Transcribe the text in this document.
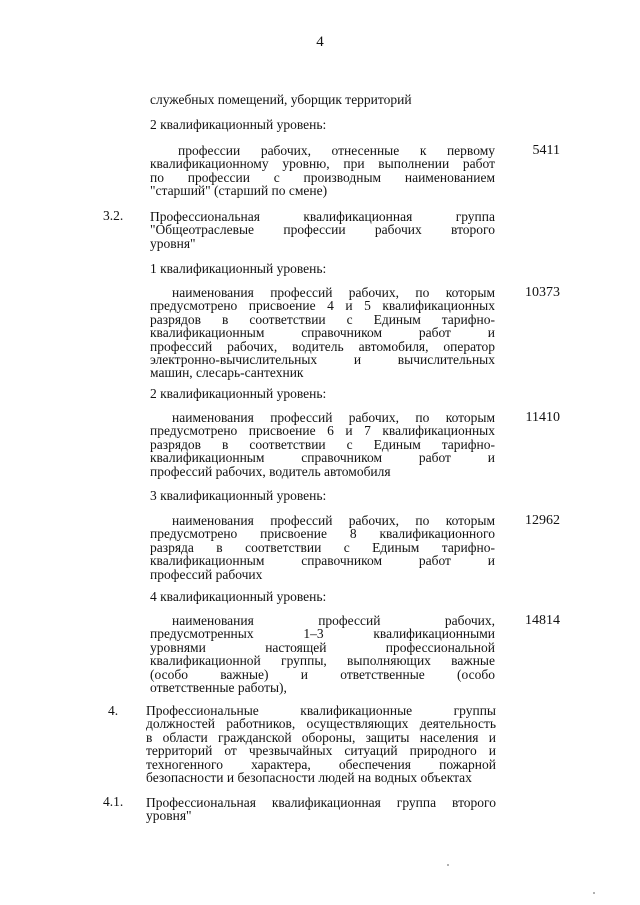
4
служебных помещений, уборщик территорий
2 квалификационный уровень:
профессии рабочих, отнесенные к первому
квалификационному уровню, при выполнении работ
по профессии с производным наименованием
"старший" (старший по смене)
5411
3.2. Профессиональная квалификационная группа
"Общеотраслевые профессии рабочих второго
уровня"
1 квалификационный уровень:
наименования профессий рабочих, по которым
предусмотрено присвоение 4 и 5 квалификационных
разрядов в соответствии с Единым тарифно-
квалификационным справочником работ и
профессий рабочих, водитель автомобиля, оператор
электронно-вычислительных и вычислительных
машин, слесарь-сантехник
10373
2 квалификационный уровень:
наименования профессий рабочих, по которым
предусмотрено присвоение 6 и 7 квалификационных
разрядов в соответствии с Единым тарифно-
квалификационным справочником работ и
профессий рабочих, водитель автомобиля
11410
3 квалификационный уровень:
наименования профессий рабочих, по которым
предусмотрено присвоение 8 квалификационного
разряда в соответствии с Единым тарифно-
квалификационным справочником работ и
профессий рабочих
12962
4 квалификационный уровень:
наименования профессий рабочих,
предусмотренных 1–3 квалификационными
уровнями настоящей профессиональной
квалификационной группы, выполняющих важные
(особо важные) и ответственные (особо
ответственные работы),
14814
4. Профессиональные квалификационные группы
должностей работников, осуществляющих деятельность
в области гражданской обороны, защиты населения и
территорий от чрезвычайных ситуаций природного и
техногенного характера, обеспечения пожарной
безопасности и безопасности людей на водных объектах
4.1. Профессиональная квалификационная группа второго
уровня"
